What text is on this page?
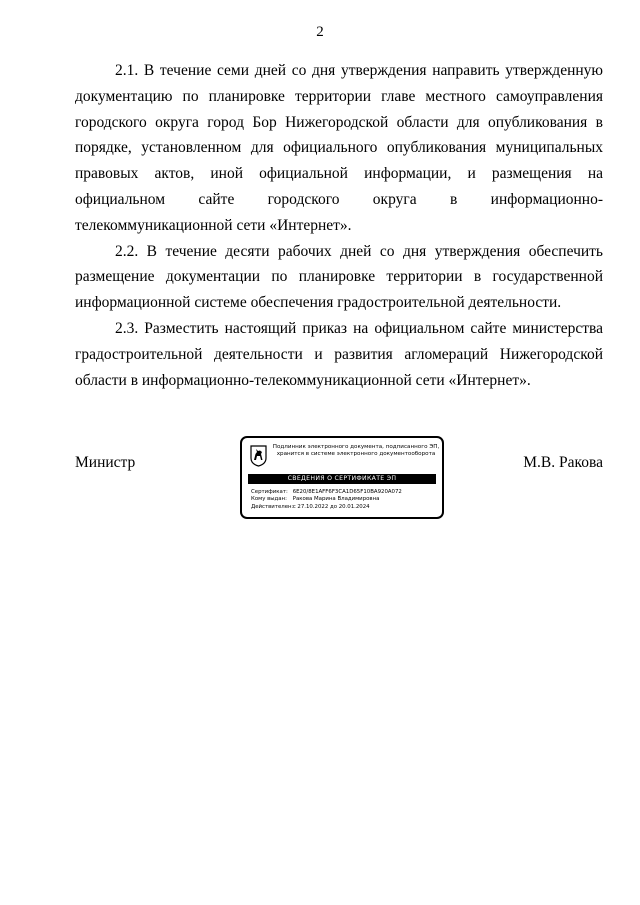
2

2.1. В течение семи дней со дня утверждения направить утвержденную документацию по планировке территории главе местного самоуправления городского округа город Бор Нижегородской области для опубликования в порядке, установленном для официального опубликования муниципальных правовых актов, иной официальной информации, и размещения на официальном сайте городского округа в информационно-телекоммуникационной сети «Интернет».

2.2. В течение десяти рабочих дней со дня утверждения обеспечить размещение документации по планировке территории в государственной информационной системе обеспечения градостроительной деятельности.

2.3. Разместить настоящий приказ на официальном сайте министерства градостроительной деятельности и развития агломераций Нижегородской области в информационно-телекоммуникационной сети «Интернет».

Министр
Подлинник электронного документа, подписанного ЭП,
хранится в системе электронного документооборота
СВЕДЕНИЯ О СЕРТИФИКАТЕ ЭП
Сертификат: 6E20/8E1AFF6F3CA1D65F10BA920A072
Кому выдан: Ракова Марина Владимировна
Действителен: с 27.10.2022 до 20.01.2024
М.В. Ракова
